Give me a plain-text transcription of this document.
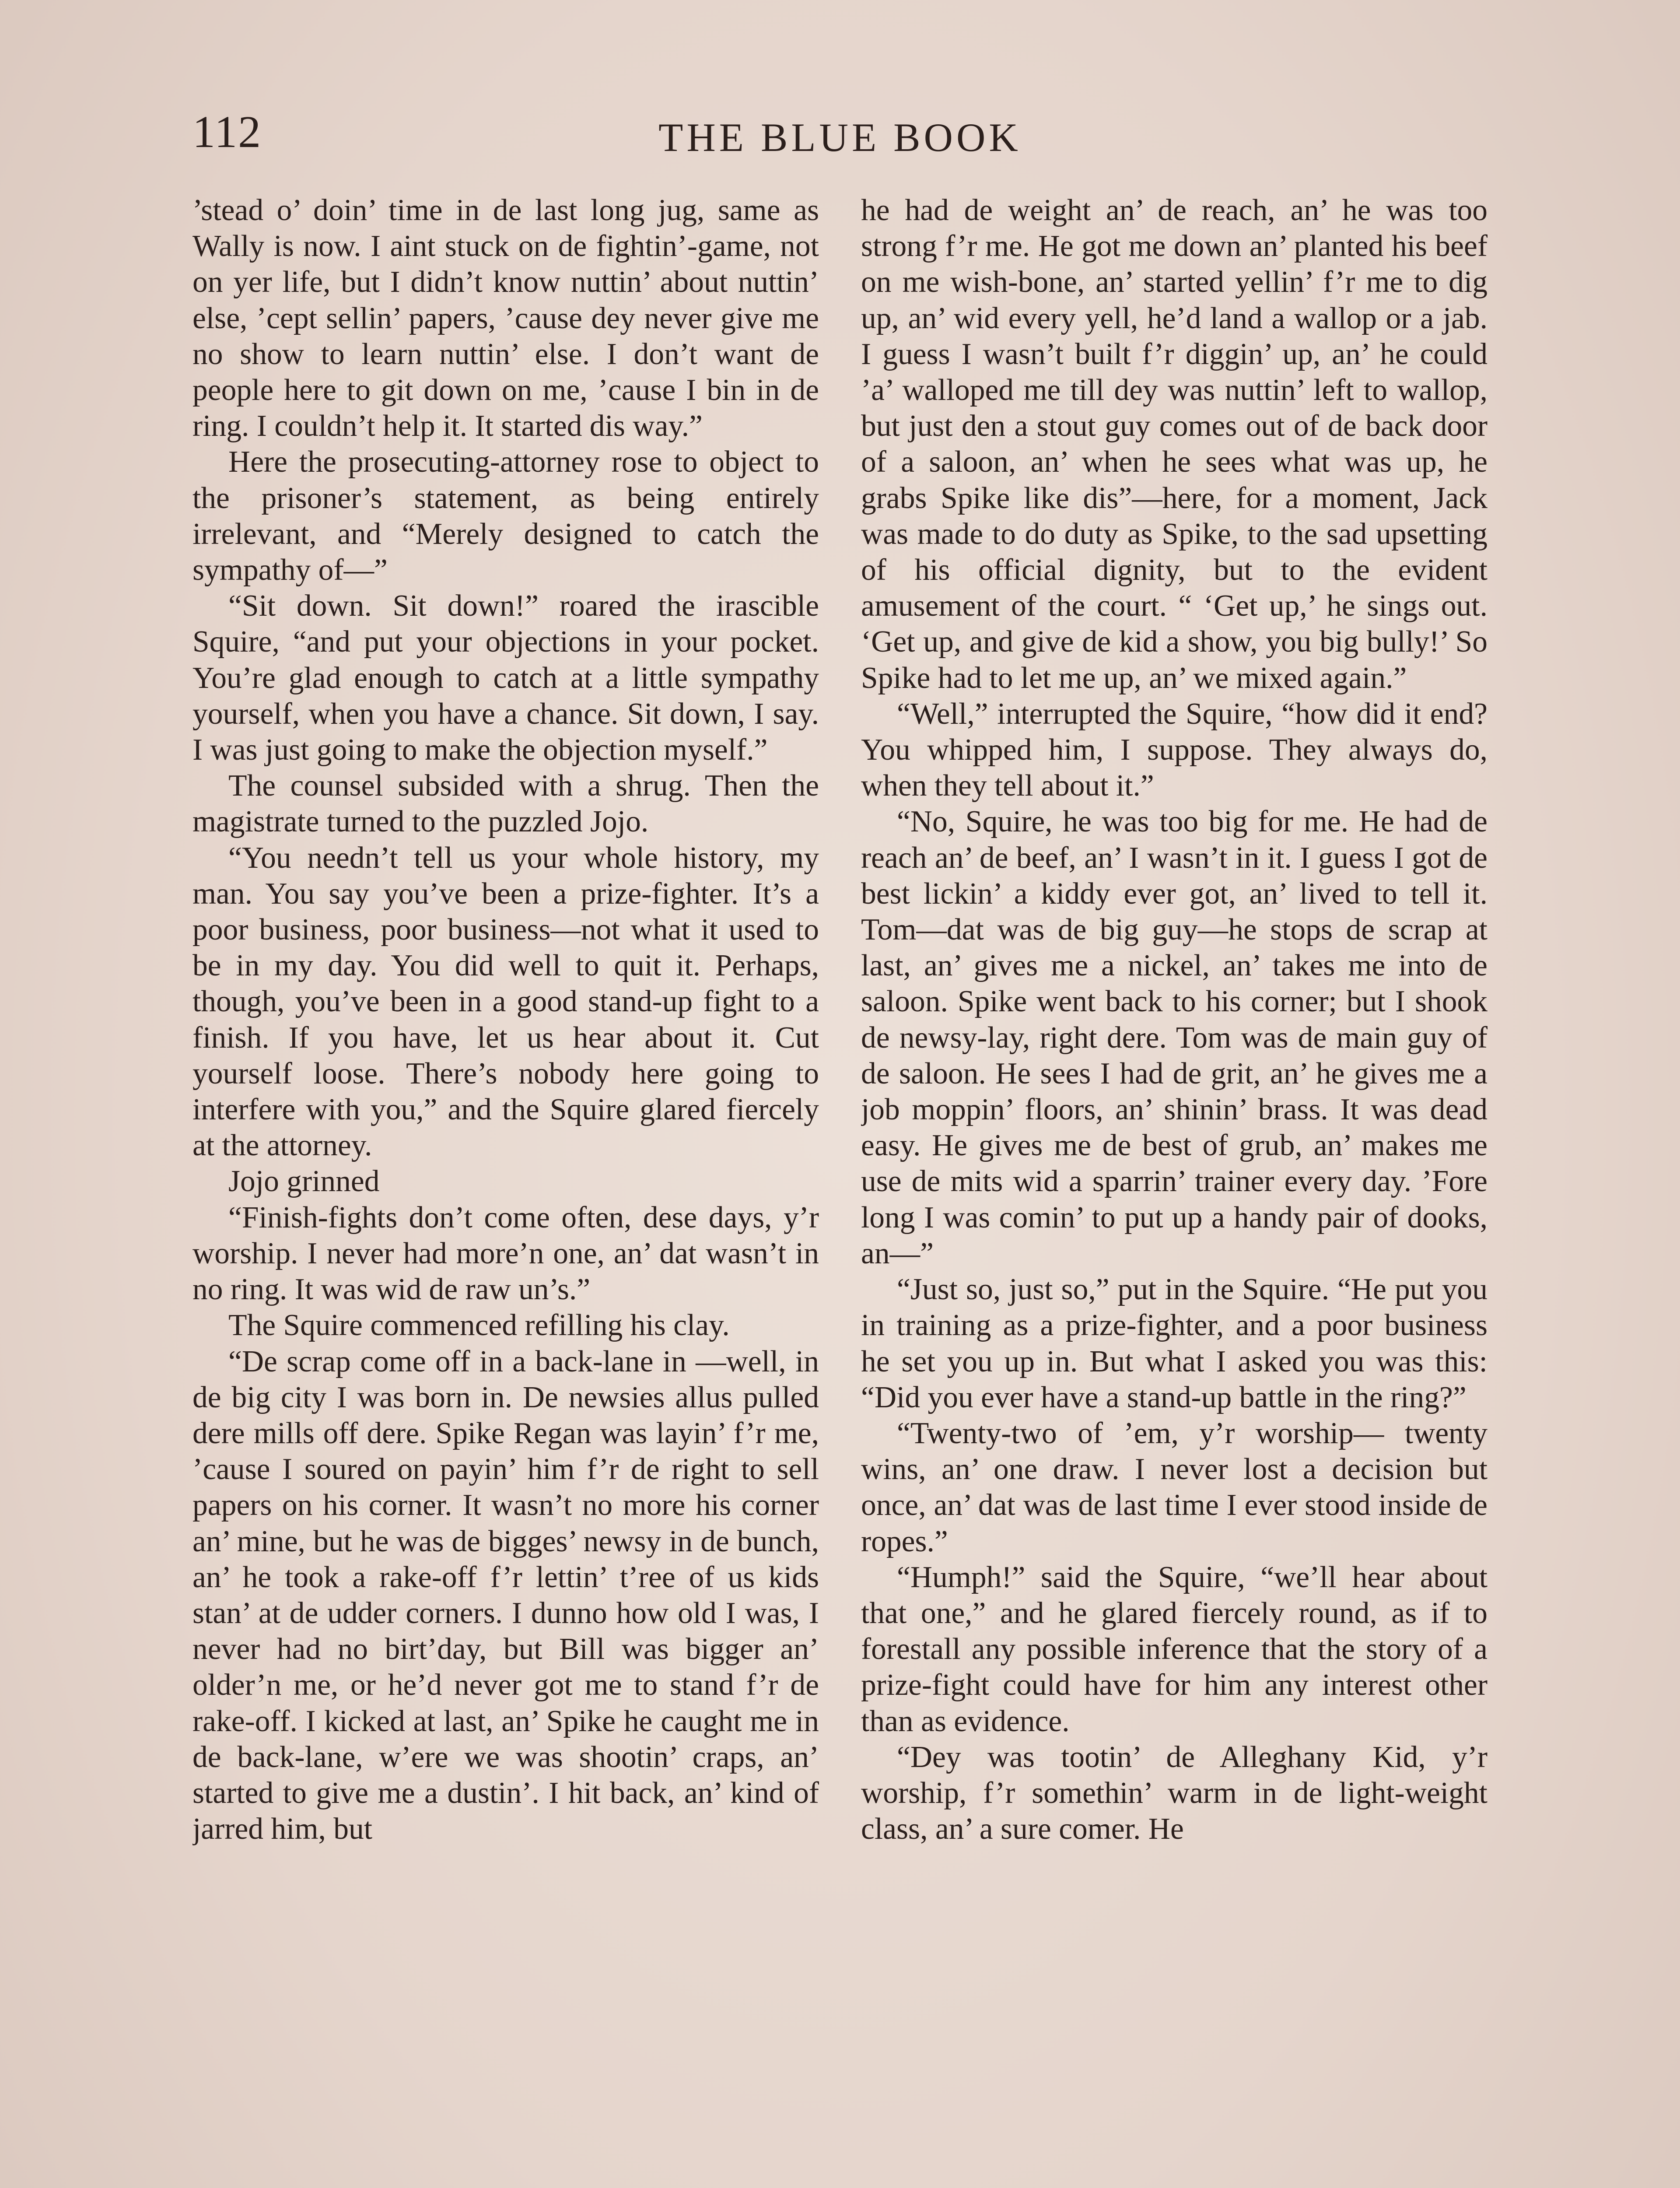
112	THE BLUE BOOK

’stead o’ doin’ time in de last long jug, same as Wally is now. I aint stuck on de fightin’-game, not on yer life, but I didn’t know nuttin’ about nuttin’ else, ’cept sellin’ papers, ’cause dey never give me no show to learn nuttin’ else. I don’t want de people here to git down on me, ’cause I bin in de ring. I couldn’t help it. It started dis way.”

Here the prosecuting-attorney rose to object to the prisoner’s statement, as being entirely irrelevant, and “Merely designed to catch the sympathy of—”

“Sit down. Sit down!” roared the irascible Squire, “and put your objections in your pocket. You’re glad enough to catch at a little sympathy yourself, when you have a chance. Sit down, I say. I was just going to make the objection myself.”

The counsel subsided with a shrug. Then the magistrate turned to the puzzled Jojo.

“You needn’t tell us your whole history, my man. You say you’ve been a prize-fighter. It’s a poor business, poor business—not what it used to be in my day. You did well to quit it. Perhaps, though, you’ve been in a good stand-up fight to a finish. If you have, let us hear about it. Cut yourself loose. There’s nobody here going to interfere with you,” and the Squire glared fiercely at the attorney.

Jojo grinned

“Finish-fights don’t come often, dese days, y’r worship. I never had more’n one, an’ dat wasn’t in no ring. It was wid de raw un’s.”

The Squire commenced refilling his clay.

“De scrap come off in a back-lane in —well, in de big city I was born in. De newsies allus pulled dere mills off dere. Spike Regan was layin’ f’r me, ’cause I soured on payin’ him f’r de right to sell papers on his corner. It wasn’t no more his corner an’ mine, but he was de bigges’ newsy in de bunch, an’ he took a rake-off f’r lettin’ t’ree of us kids stan’ at de udder corners. I dunno how old I was, I never had no birt’day, but Bill was bigger an’ older’n me, or he’d never got me to stand f’r de rake-off. I kicked at last, an’ Spike he caught me in de back-lane, w’ere we was shootin’ craps, an’ started to give me a dustin’. I hit back, an’ kind of jarred him, but

he had de weight an’ de reach, an’ he was too strong f’r me. He got me down an’ planted his beef on me wish-bone, an’ started yellin’ f’r me to dig up, an’ wid every yell, he’d land a wallop or a jab. I guess I wasn’t built f’r diggin’ up, an’ he could ’a’ walloped me till dey was nuttin’ left to wallop, but just den a stout guy comes out of de back door of a saloon, an’ when he sees what was up, he grabs Spike like dis”—here, for a moment, Jack was made to do duty as Spike, to the sad upsetting of his official dignity, but to the evident amusement of the court. “ ‘Get up,’ he sings out. ‘Get up, and give de kid a show, you big bully!’ So Spike had to let me up, an’ we mixed again.”

“Well,” interrupted the Squire, “how did it end? You whipped him, I suppose. They always do, when they tell about it.”

“No, Squire, he was too big for me. He had de reach an’ de beef, an’ I wasn’t in it. I guess I got de best lickin’ a kiddy ever got, an’ lived to tell it. Tom—dat was de big guy—he stops de scrap at last, an’ gives me a nickel, an’ takes me into de saloon. Spike went back to his corner; but I shook de newsy-lay, right dere. Tom was de main guy of de saloon. He sees I had de grit, an’ he gives me a job moppin’ floors, an’ shinin’ brass. It was dead easy. He gives me de best of grub, an’ makes me use de mits wid a sparrin’ trainer every day. ’Fore long I was comin’ to put up a handy pair of dooks, an—”

“Just so, just so,” put in the Squire. “He put you in training as a prize-fighter, and a poor business he set you up in. But what I asked you was this: “Did you ever have a stand-up battle in the ring?”

“Twenty-two of ’em, y’r worship— twenty wins, an’ one draw. I never lost a decision but once, an’ dat was de last time I ever stood inside de ropes.”

“Humph!” said the Squire, “we’ll hear about that one,” and he glared fiercely round, as if to forestall any possible inference that the story of a prize-fight could have for him any interest other than as evidence.

“Dey was tootin’ de Alleghany Kid, y’r worship, f’r somethin’ warm in de light-weight class, an’ a sure comer. He
